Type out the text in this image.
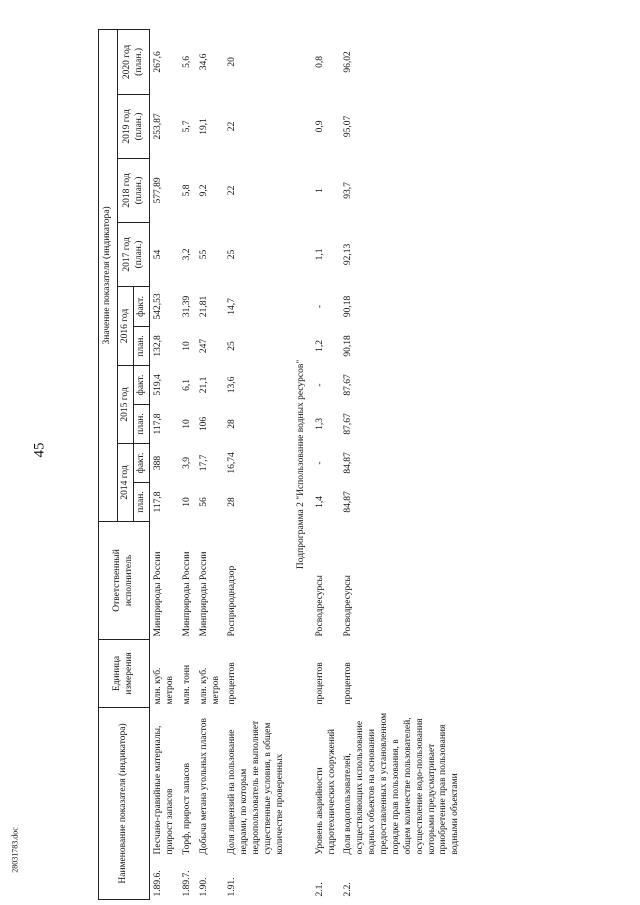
45
2803178З.doc	Наименование показателя (индикатора)		Единица измерения	Ответственный исполнитель	Значение показателя (индикатора)									
				2014 год		2015 год		2016 год		2017 год (план.)	2018 год (план.)	2019 год (план.)	2020 год (план.)
				план.	факт.	план.	факт.	план.	факт.				
1.89.6.	Песчано-гравийные материалы, прирост запасов	млн. куб. метров	Минприроды России	117,8	388	117,8	519,4	132,8	542,53	54	577,89	253,87	267,6
1.89.7.	Торф, прирост запасов	млн. тонн	Минприроды России	10	3,9	10	6,1	10	31,39	3,2	5,8	5,7	5,6
1.90.	Добыча метана угольных пластов	млн. куб. метров	Минприроды России	56	17,7	106	21,1	247	21,81	55	9,2	19,1	34,6
1.91.	Доля лицензий на пользование недрами, по которым недропользователь не выполняет существенные условия, в общем количестве проверенных	процентов	Росприроднадзор	28	16,74	28	13,6	25	14,7	25	22	22	20
Подпрограмма 2 "Использование водных ресурсов"													
2.1.	Уровень аварийности гидротехнических сооружений	процентов	Росводресурсы	1,4	-	1,3	-	1,2	-	1,1	1	0,9	0,8
2.2.	Доля водопользователей, осуществляющих использование водных объектов на основании предоставленных в установленном порядке прав пользования, в общем количестве пользователей, осуществление водо-пользования которыми предусматривает приобретение прав пользования водными объектами	процентов	Росводресурсы	84,87	84,87	87,67	87,67	90,18	90,18	92,13	93,7	95,07	96,02
